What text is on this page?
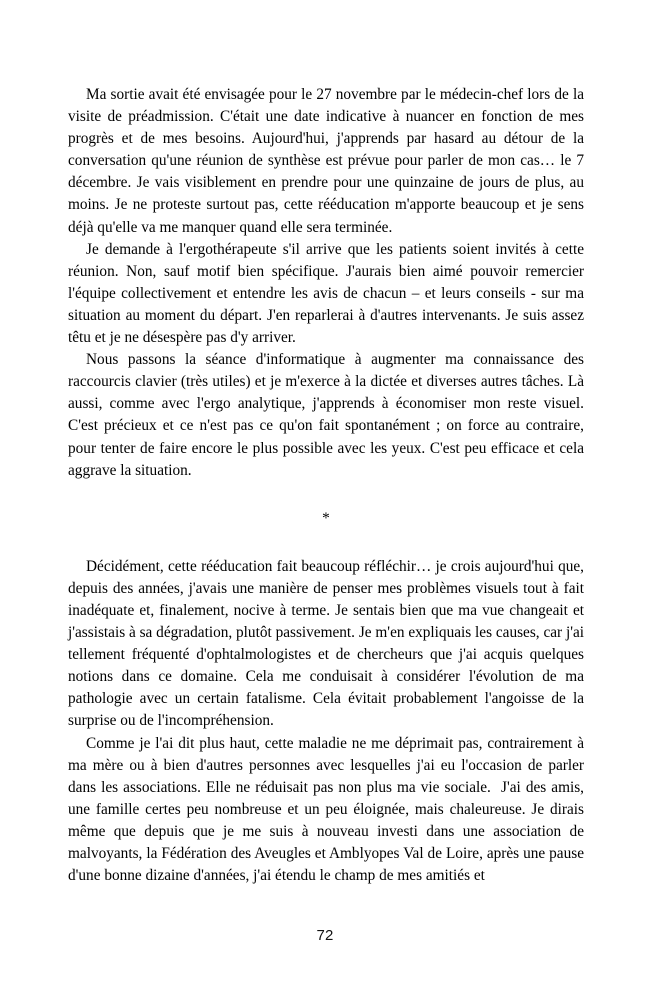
Ma sortie avait été envisagée pour le 27 novembre par le médecin-chef lors de la visite de préadmission. C'était une date indicative à nuancer en fonction de mes progrès et de mes besoins. Aujourd'hui, j'apprends par hasard au détour de la conversation qu'une réunion de synthèse est prévue pour parler de mon cas… le 7 décembre. Je vais visiblement en prendre pour une quinzaine de jours de plus, au moins. Je ne proteste surtout pas, cette rééducation m'apporte beaucoup et je sens déjà qu'elle va me manquer quand elle sera terminée.

Je demande à l'ergothérapeute s'il arrive que les patients soient invités à cette réunion. Non, sauf motif bien spécifique. J'aurais bien aimé pouvoir remercier l'équipe collectivement et entendre les avis de chacun – et leurs conseils - sur ma situation au moment du départ. J'en reparlerai à d'autres intervenants. Je suis assez têtu et je ne désespère pas d'y arriver.

Nous passons la séance d'informatique à augmenter ma connaissance des raccourcis clavier (très utiles) et je m'exerce à la dictée et diverses autres tâches. Là aussi, comme avec l'ergo analytique, j'apprends à économiser mon reste visuel. C'est précieux et ce n'est pas ce qu'on fait spontanément ; on force au contraire, pour tenter de faire encore le plus possible avec les yeux. C'est peu efficace et cela aggrave la situation.

*

Décidément, cette rééducation fait beaucoup réfléchir… je crois aujourd'hui que, depuis des années, j'avais une manière de penser mes problèmes visuels tout à fait inadéquate et, finalement, nocive à terme. Je sentais bien que ma vue changeait et j'assistais à sa dégradation, plutôt passivement. Je m'en expliquais les causes, car j'ai tellement fréquenté d'ophtalmologistes et de chercheurs que j'ai acquis quelques notions dans ce domaine. Cela me conduisait à considérer l'évolution de ma pathologie avec un certain fatalisme. Cela évitait probablement l'angoisse de la surprise ou de l'incompréhension.

Comme je l'ai dit plus haut, cette maladie ne me déprimait pas, contrairement à ma mère ou à bien d'autres personnes avec lesquelles j'ai eu l'occasion de parler dans les associations. Elle ne réduisait pas non plus ma vie sociale.  J'ai des amis, une famille certes peu nombreuse et un peu éloignée, mais chaleureuse. Je dirais même que depuis que je me suis à nouveau investi dans une association de malvoyants, la Fédération des Aveugles et Amblyopes Val de Loire, après une pause d'une bonne dizaine d'années, j'ai étendu le champ de mes amitiés et

72
